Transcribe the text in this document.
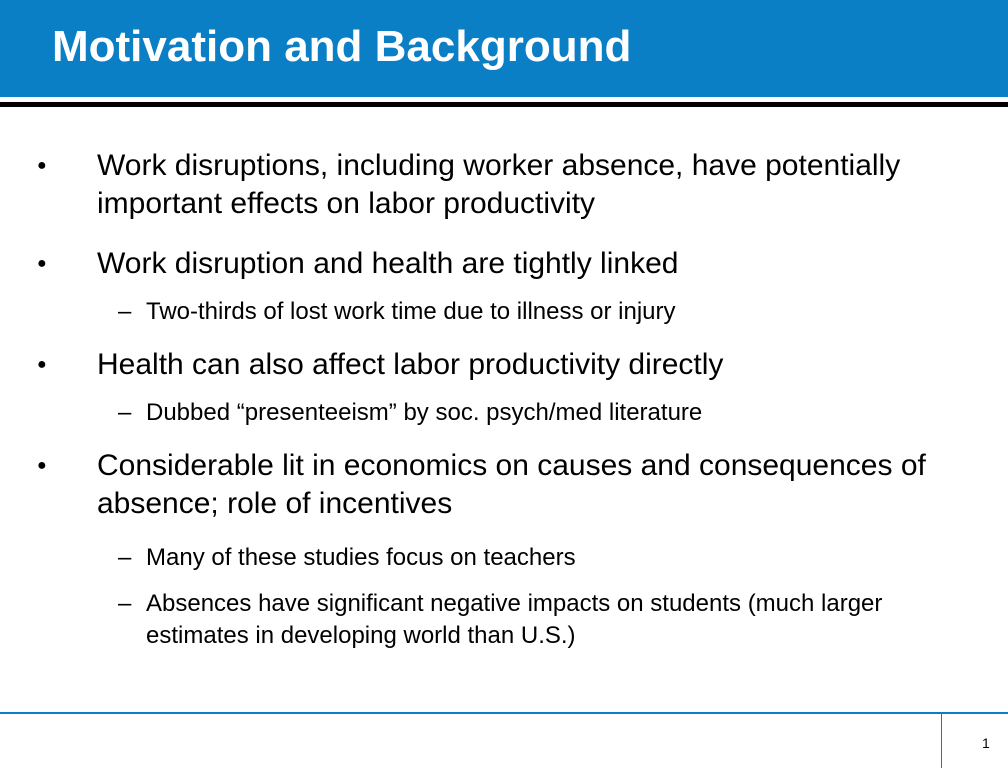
Motivation and Background
● Work disruptions, including worker absence, have potentially important effects on labor productivity
● Work disruption and health are tightly linked
– Two-thirds of lost work time due to illness or injury
● Health can also affect labor productivity directly
– Dubbed “presenteeism” by soc. psych/med literature
● Considerable lit in economics on causes and consequences of absence; role of incentives
– Many of these studies focus on teachers
– Absences have significant negative impacts on students (much larger estimates in developing world than U.S.)
1
